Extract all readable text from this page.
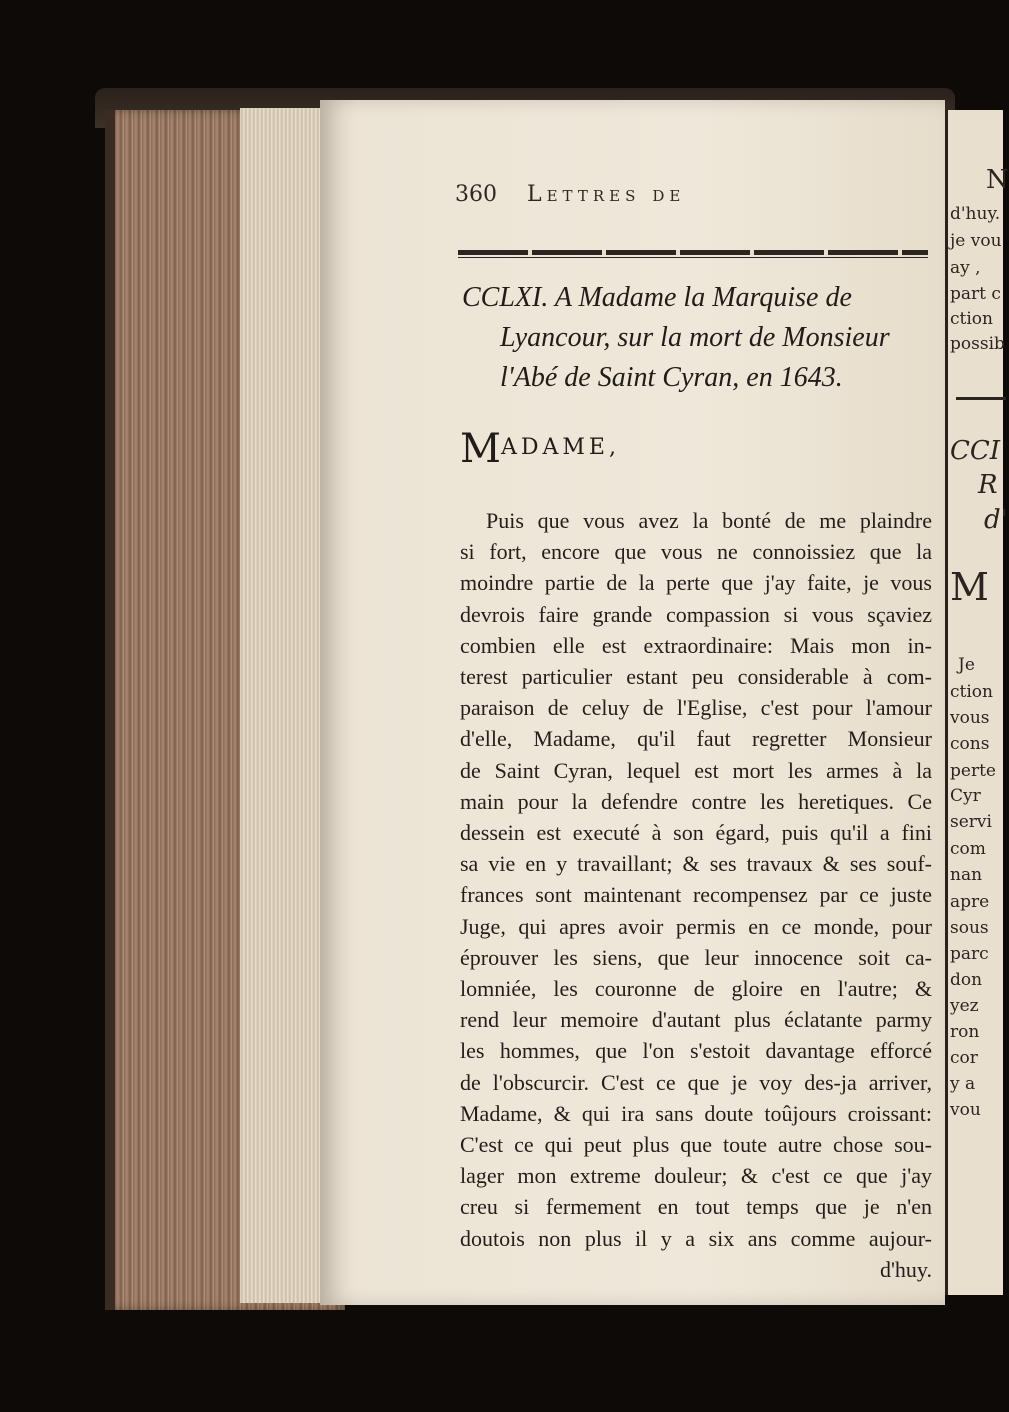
360 Lettres de
CCLXI. A Madame la Marquise de
Lyancour, sur la mort de Monsieur
l'Abé de Saint Cyran, en 1643.
MADAME,
Puis que vous avez la bonté de me plaindre
si fort, encore que vous ne connoissiez que la
moindre partie de la perte que j'ay faite, je vous
devrois faire grande compassion si vous sçaviez
combien elle est extraordinaire: Mais mon in-
terest particulier estant peu considerable à com-
paraison de celuy de l'Eglise, c'est pour l'amour
d'elle, Madame, qu'il faut regretter Monsieur
de Saint Cyran, lequel est mort les armes à la
main pour la defendre contre les heretiques. Ce
dessein est executé à son égard, puis qu'il a fini
sa vie en y travaillant; & ses travaux & ses souf-
frances sont maintenant recompensez par ce juste
Juge, qui apres avoir permis en ce monde, pour
éprouver les siens, que leur innocence soit ca-
lomniée, les couronne de gloire en l'autre; &
rend leur memoire d'autant plus éclatante parmy
les hommes, que l'on s'estoit davantage efforcé
de l'obscurcir. C'est ce que je voy des-ja arriver,
Madame, & qui ira sans doute toûjours croissant:
C'est ce qui peut plus que toute autre chose sou-
lager mon extreme douleur; & c'est ce que j'ay
creu si fermement en tout temps que je n'en
doutois non plus il y a six ans comme aujour-
d'huy.
N
d'huy.
je vou
ay ,
part c
ction
possib
CCI
R
d'
M
Je
ction
vous
cons
perte
Cyr
servi
com
nan
apre
sous
parc
don
yez
ron
cor
y a
vou
